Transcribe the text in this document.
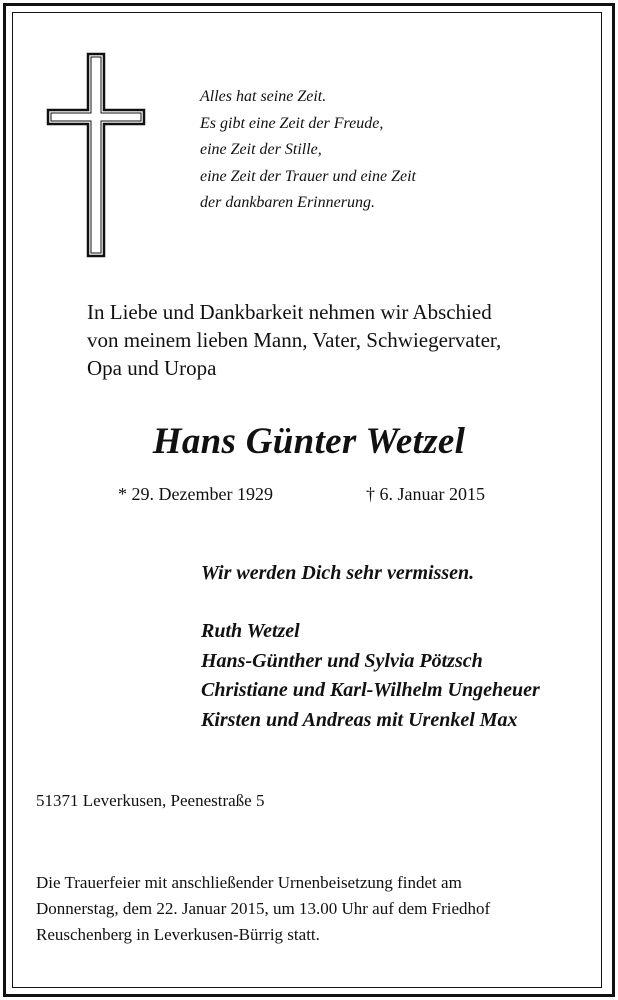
Alles hat seine Zeit.
Es gibt eine Zeit der Freude,
eine Zeit der Stille,
eine Zeit der Trauer und eine Zeit
der dankbaren Erinnerung.
In Liebe und Dankbarkeit nehmen wir Abschied
von meinem lieben Mann, Vater, Schwiegervater,
Opa und Uropa
Hans Günter Wetzel
* 29. Dezember 1929	† 6. Januar 2015
Wir werden Dich sehr vermissen.
Ruth Wetzel
Hans-Günther und Sylvia Pötzsch
Christiane und Karl-Wilhelm Ungeheuer
Kirsten und Andreas mit Urenkel Max
51371 Leverkusen, Peenestraße 5
Die Trauerfeier mit anschließender Urnenbeisetzung findet am
Donnerstag, dem 22. Januar 2015, um 13.00 Uhr auf dem Friedhof
Reuschenberg in Leverkusen-Bürrig statt.
